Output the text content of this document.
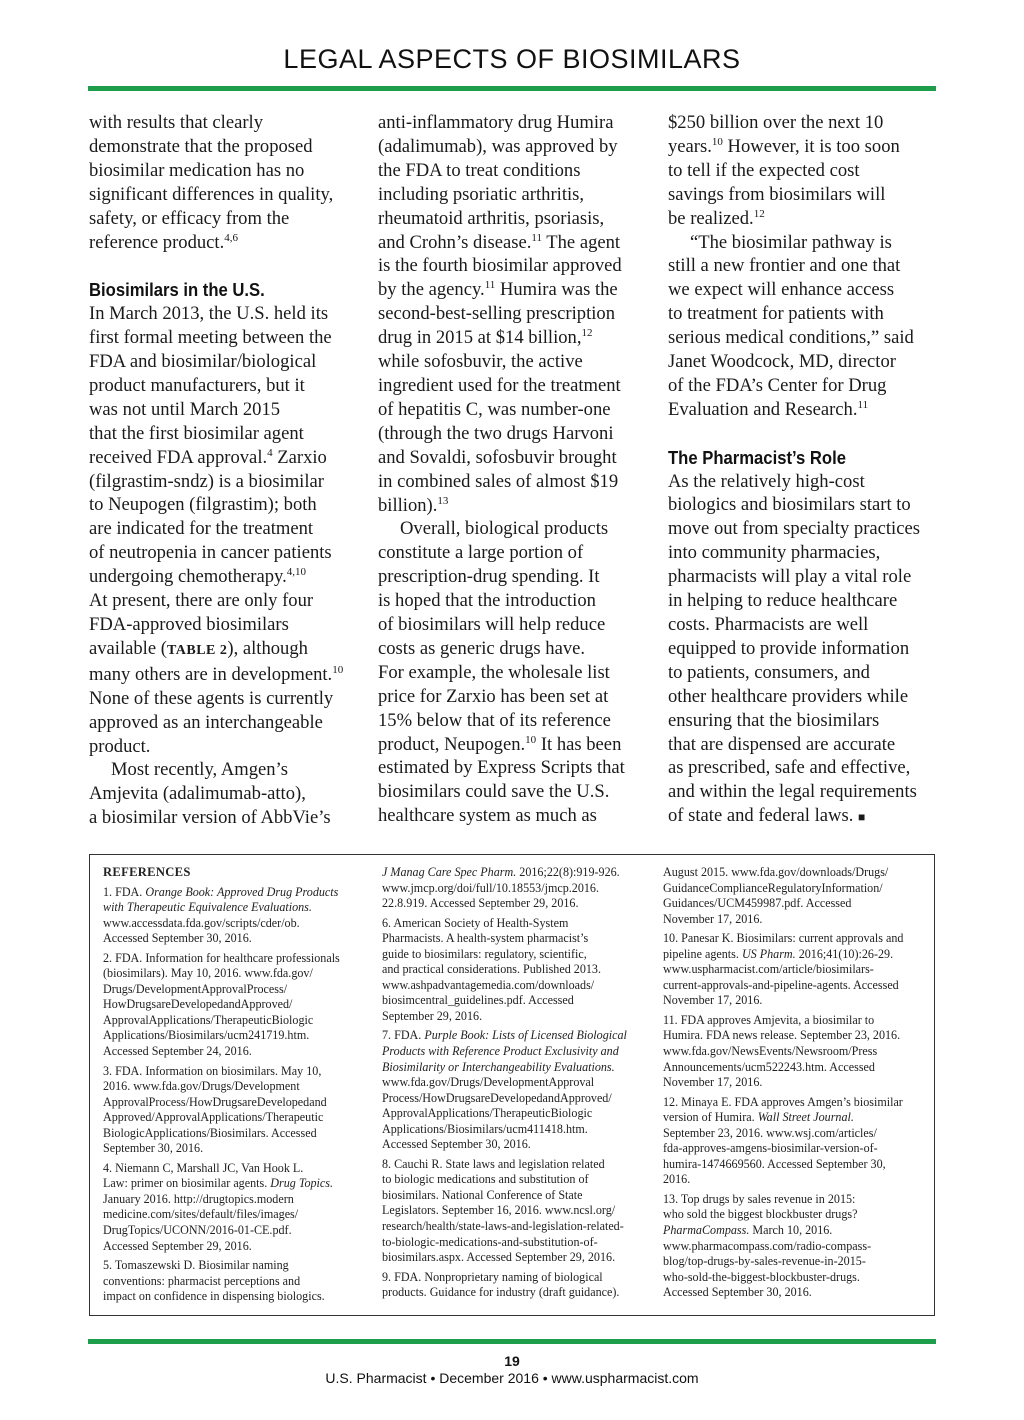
LEGAL ASPECTS OF BIOSIMILARS

with results that clearly
demonstrate that the proposed
biosimilar medication has no
significant differences in quality,
safety, or efficacy from the
reference product.$^{4,6}$

Biosimilars in the U.S.

In March 2013, the U.S. held its
first formal meeting between the
FDA and biosimilar/biological
product manufacturers, but it
was not until March 2015
that the first biosimilar agent
received FDA approval.$^4$ Zarxio
(filgrastim-sndz) is a biosimilar
to Neupogen (filgrastim); both
are indicated for the treatment
of neutropenia in cancer patients
undergoing chemotherapy.$^{4,10}$
At present, there are only four
FDA-approved biosimilars
available (TABLE 2), although
many others are in development.$^{10}$
None of these agents is currently
approved as an interchangeable
product.

Most recently, Amgen’s
Amjevita (adalimumab-atto),
a biosimilar version of AbbVie’s

anti-inflammatory drug Humira
(adalimumab), was approved by
the FDA to treat conditions
including psoriatic arthritis,
rheumatoid arthritis, psoriasis,
and Crohn’s disease.$^{11}$ The agent
is the fourth biosimilar approved
by the agency.$^{11}$ Humira was the
second-best-selling prescription
drug in 2015 at $14 billion,$^{12}$
while sofosbuvir, the active
ingredient used for the treatment
of hepatitis C, was number-one
(through the two drugs Harvoni
and Sovaldi, sofosbuvir brought
in combined sales of almost $19
billion).$^{13}$

Overall, biological products
constitute a large portion of
prescription-drug spending. It
is hoped that the introduction
of biosimilars will help reduce
costs as generic drugs have.
For example, the wholesale list
price for Zarxio has been set at
15% below that of its reference
product, Neupogen.$^{10}$ It has been
estimated by Express Scripts that
biosimilars could save the U.S.
healthcare system as much as

$250 billion over the next 10
years.$^{10}$ However, it is too soon
to tell if the expected cost
savings from biosimilars will
be realized.$^{12}$

“The biosimilar pathway is
still a new frontier and one that
we expect will enhance access
to treatment for patients with
serious medical conditions,” said
Janet Woodcock, MD, director
of the FDA’s Center for Drug
Evaluation and Research.$^{11}$

The Pharmacist’s Role

As the relatively high-cost
biologics and biosimilars start to
move out from specialty practices
into community pharmacies,
pharmacists will play a vital role
in helping to reduce healthcare
costs. Pharmacists are well
equipped to provide information
to patients, consumers, and
other healthcare providers while
ensuring that the biosimilars
that are dispensed are accurate
as prescribed, safe and effective,
and within the legal requirements
of state and federal laws. ■

REFERENCES

1. FDA. Orange Book: Approved Drug Products
with Therapeutic Equivalence Evaluations.
www.accessdata.fda.gov/scripts/cder/ob.
Accessed September 30, 2016.

2. FDA. Information for healthcare professionals
(biosimilars). May 10, 2016. www.fda.gov/
Drugs/DevelopmentApprovalProcess/
HowDrugsareDevelopedandApproved/
ApprovalApplications/TherapeuticBiologic
Applications/Biosimilars/ucm241719.htm.
Accessed September 24, 2016.

3. FDA. Information on biosimilars. May 10,
2016. www.fda.gov/Drugs/Development
ApprovalProcess/HowDrugsareDevelopedand
Approved/ApprovalApplications/Therapeutic
BiologicApplications/Biosimilars. Accessed
September 30, 2016.

4. Niemann C, Marshall JC, Van Hook L.
Law: primer on biosimilar agents. Drug Topics.
January 2016. http://drugtopics.modern
medicine.com/sites/default/files/images/
DrugTopics/UCONN/2016-01-CE.pdf.
Accessed September 29, 2016.

5. Tomaszewski D. Biosimilar naming
conventions: pharmacist perceptions and
impact on confidence in dispensing biologics.

J Manag Care Spec Pharm. 2016;22(8):919-926.
www.jmcp.org/doi/full/10.18553/jmcp.2016.
22.8.919. Accessed September 29, 2016.

6. American Society of Health-System
Pharmacists. A health-system pharmacist’s
guide to biosimilars: regulatory, scientific,
and practical considerations. Published 2013.
www.ashpadvantagemedia.com/downloads/
biosimcentral_guidelines.pdf. Accessed
September 29, 2016.

7. FDA. Purple Book: Lists of Licensed Biological
Products with Reference Product Exclusivity and
Biosimilarity or Interchangeability Evaluations.
www.fda.gov/Drugs/DevelopmentApproval
Process/HowDrugsareDevelopedandApproved/
ApprovalApplications/TherapeuticBiologic
Applications/Biosimilars/ucm411418.htm.
Accessed September 30, 2016.

8. Cauchi R. State laws and legislation related
to biologic medications and substitution of
biosimilars. National Conference of State
Legislators. September 16, 2016. www.ncsl.org/
research/health/state-laws-and-legislation-related-
to-biologic-medications-and-substitution-of-
biosimilars.aspx. Accessed September 29, 2016.

9. FDA. Nonproprietary naming of biological
products. Guidance for industry (draft guidance).

August 2015. www.fda.gov/downloads/Drugs/
GuidanceComplianceRegulatoryInformation/
Guidances/UCM459987.pdf. Accessed
November 17, 2016.

10. Panesar K. Biosimilars: current approvals and
pipeline agents. US Pharm. 2016;41(10):26-29.
www.uspharmacist.com/article/biosimilars-
current-approvals-and-pipeline-agents. Accessed
November 17, 2016.

11. FDA approves Amjevita, a biosimilar to
Humira. FDA news release. September 23, 2016.
www.fda.gov/NewsEvents/Newsroom/Press
Announcements/ucm522243.htm. Accessed
November 17, 2016.

12. Minaya E. FDA approves Amgen’s biosimilar
version of Humira. Wall Street Journal.
September 23, 2016. www.wsj.com/articles/
fda-approves-amgens-biosimilar-version-of-
humira-1474669560. Accessed September 30,
2016.

13. Top drugs by sales revenue in 2015:
who sold the biggest blockbuster drugs?
PharmaCompass. March 10, 2016.
www.pharmacompass.com/radio-compass-
blog/top-drugs-by-sales-revenue-in-2015-
who-sold-the-biggest-blockbuster-drugs.
Accessed September 30, 2016.

19
U.S. Pharmacist • December 2016 • www.uspharmacist.com
